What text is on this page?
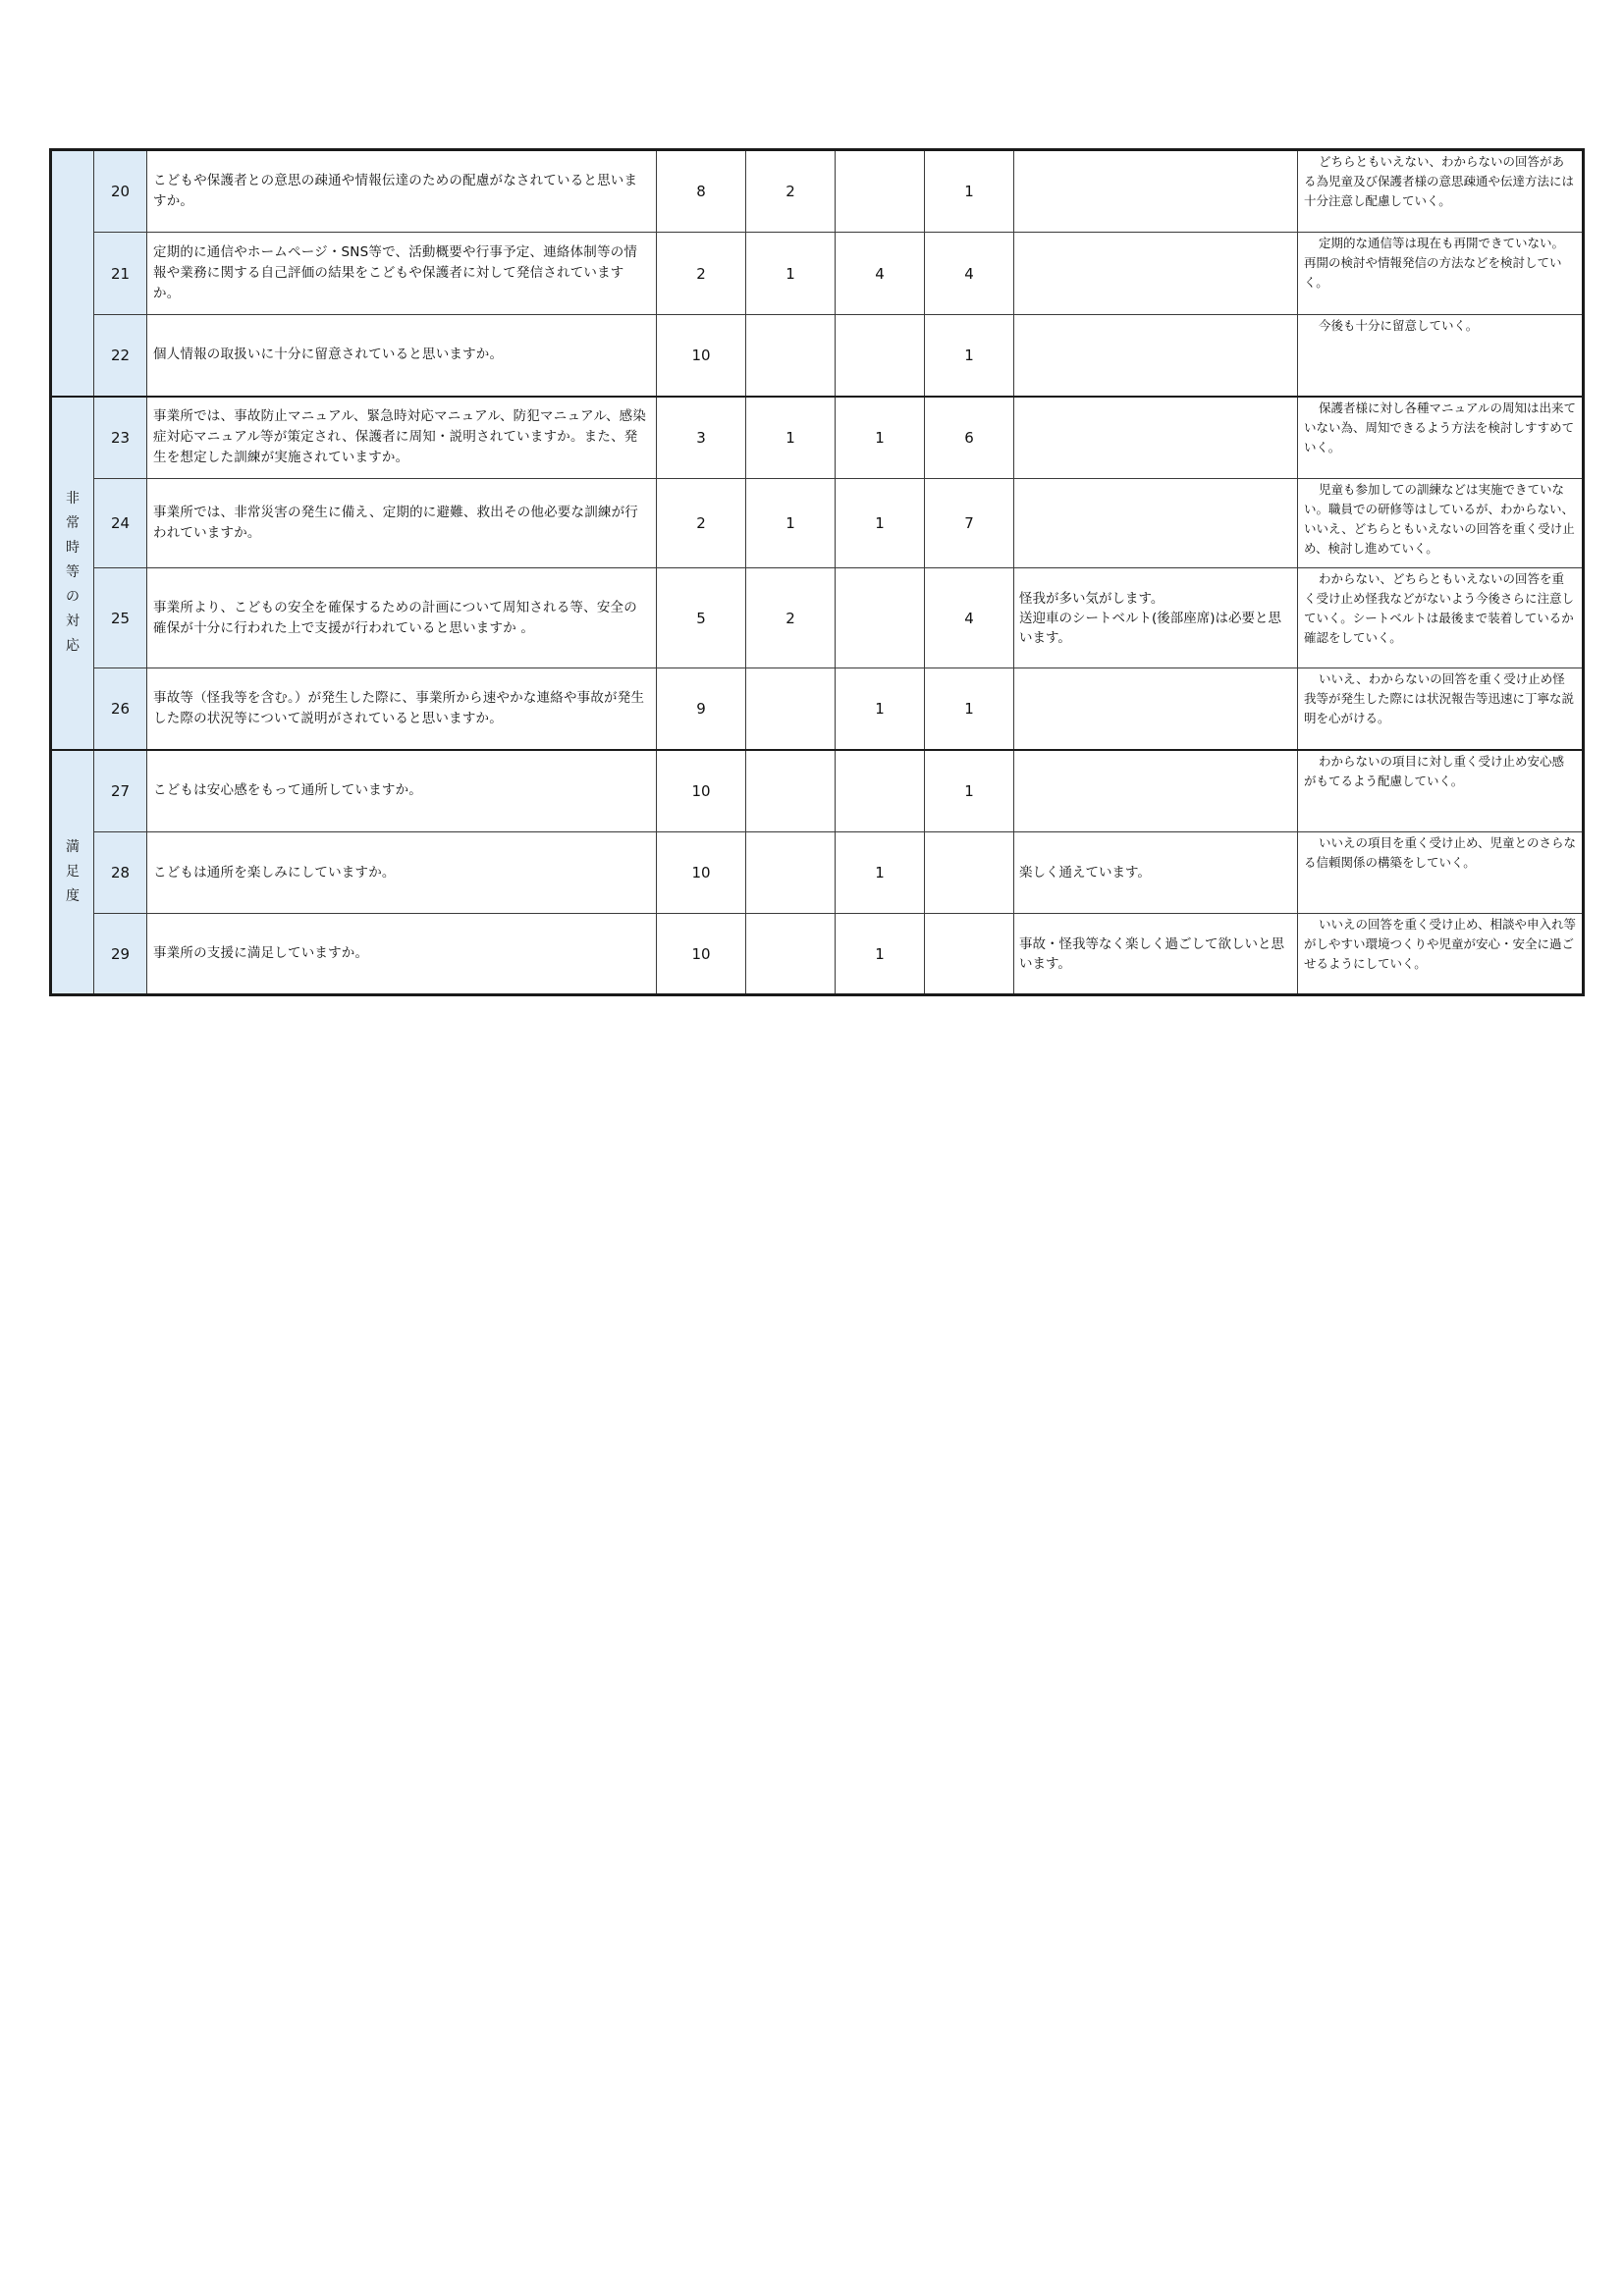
	20	こどもや保護者との意思の疎通や情報伝達のための配慮がなされていると思いますか。	8	2		1		どちらともいえない、わからないの回答がある為児童及び保護者様の意思疎通や伝達方法には十分注意し配慮していく。

	21	定期的に通信やホームページ・SNS等で、活動概要や行事予定、連絡体制等の情報や業務に関する自己評価の結果をこどもや保護者に対して発信されていますか。	2	1	4	4		定期的な通信等は現在も再開できていない。再開の検討や情報発信の方法などを検討していく。

	22	個人情報の取扱いに十分に留意されていると思いますか。	10			1		今後も十分に留意していく。

非常時等の対応	23	事業所では、事故防止マニュアル、緊急時対応マニュアル、防犯マニュアル、感染症対応マニュアル等が策定され、保護者に周知・説明されていますか。また、発生を想定した訓練が実施されていますか。	3	1	1	6		保護者様に対し各種マニュアルの周知は出来ていない為、周知できるよう方法を検討しすすめていく。

	24	事業所では、非常災害の発生に備え、定期的に避難、救出その他必要な訓練が行われていますか。	2	1	1	7		児童も参加しての訓練などは実施できていない。職員での研修等はしているが、わからない、いいえ、どちらともいえないの回答を重く受け止め、検討し進めていく。

	25	事業所より、こどもの安全を確保するための計画について周知される等、安全の確保が十分に行われた上で支援が行われていると思いますか 。	5	2		4	怪我が多い気がします。
送迎車のシートベルト(後部座席)は必要と思います。	わからない、どちらともいえないの回答を重く受け止め怪我などがないよう今後さらに注意していく。シートベルトは最後まで装着しているか確認をしていく。

	26	事故等（怪我等を含む。）が発生した際に、事業所から速やかな連絡や事故が発生した際の状況等について説明がされていると思いますか。	9		1	1		いいえ、わからないの回答を重く受け止め怪我等が発生した際には状況報告等迅速に丁寧な説明を心がける。

満足度	27	こどもは安心感をもって通所していますか。	10			1		わからないの項目に対し重く受け止め安心感がもてるよう配慮していく。

	28	こどもは通所を楽しみにしていますか。	10		1		楽しく通えています。	いいえの項目を重く受け止め、児童とのさらなる信頼関係の構築をしていく。

	29	事業所の支援に満足していますか。	10		1		事故・怪我等なく楽しく過ごして欲しいと思います。	いいえの回答を重く受け止め、相談や申入れ等がしやすい環境つくりや児童が安心・安全に過ごせるようにしていく。
